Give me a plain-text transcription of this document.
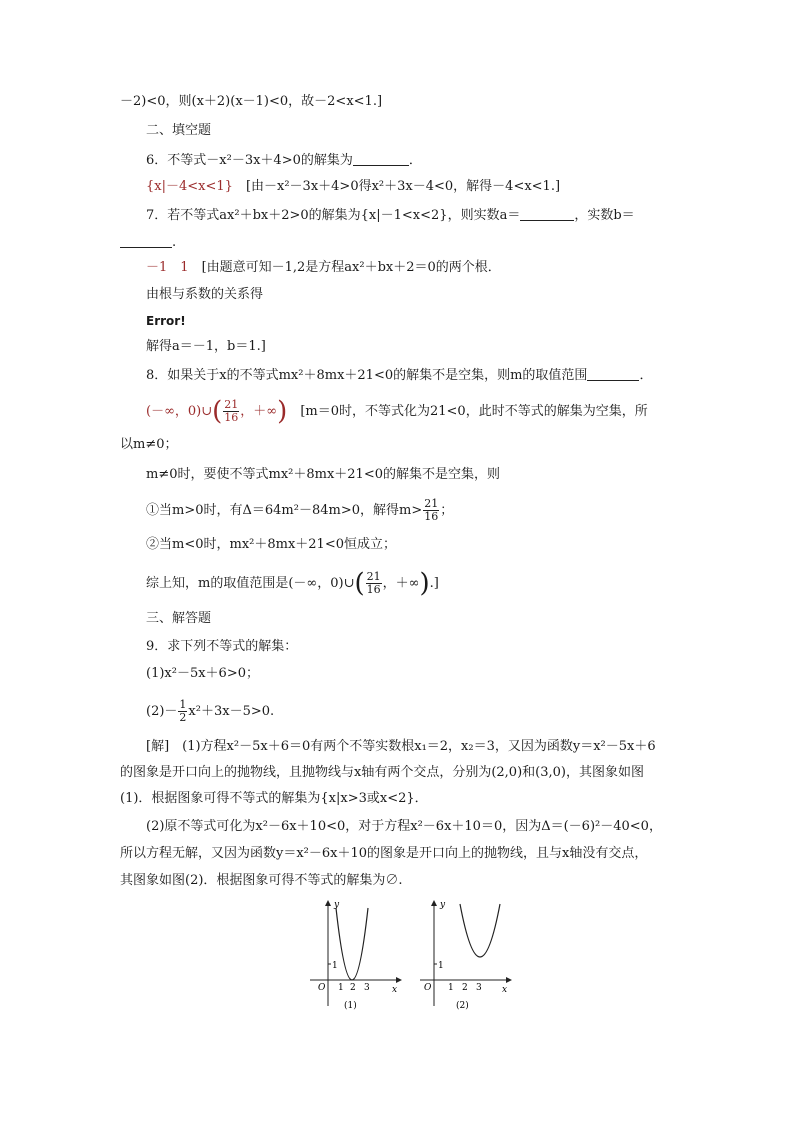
－2)<0，则(x＋2)(x－1)<0，故－2<x<1.]
二、填空题
6．不等式－x²－3x＋4>0的解集为	．
{x|－4<x<1}　 [由－x²－3x＋4>0得x²＋3x－4<0，解得－4<x<1.]
7．若不等式ax²＋bx＋2>0的解集为{x|－1<x<2}，则实数a＝	，实数b＝
.
－1　1　 [由题意可知－1,2是方程ax²＋bx＋2＝0的两个根．
由根与系数的关系得
Error!
解得a＝－1，b＝1.]
8．如果关于x的不等式mx²＋8mx＋21<0的解集不是空集，则m的取值范围	．
(－∞，0)∪( $\frac{21}{16}$ ，＋∞)　 [m＝0时，不等式化为21<0，此时不等式的解集为空集，所
以m≠0；
m≠0时，要使不等式mx²＋8mx＋21<0的解集不是空集，则
①当m>0时，有Δ＝64m²－84m>0，解得$m> \frac{21}{16}$ ；
②当m<0时，mx²＋8mx＋21<0恒成立；
综上知，m的取值范围是(－∞，0)∪( $\frac{21}{16}$ ，＋∞).]
三、解答题
9．求下列不等式的解集：
(1)x²－5x＋6>0；
$(2)- \frac{1}{2} x^2+3x-5>0$.
[解]　(1)方程x²－5x＋6＝0有两个不等实数根x₁＝2，x₂＝3，又因为函数y＝x²－5x＋6
的图象是开口向上的抛物线，且抛物线与x轴有两个交点，分别为(2,0)和(3,0)，其图象如图
(1)．根据图象可得不等式的解集为{x|x>3或x<2}．
(2)原不等式可化为x²－6x＋10<0，对于方程x²－6x＋10＝0，因为Δ＝(－6)²－40<0，
所以方程无解，又因为函数y＝x²－6x＋10的图象是开口向上的抛物线，且与x轴没有交点，
其图象如图(2)．根据图象可得不等式的解集为∅.
1
y
x
O 1 2 3
(1)
1
y
x
O 1 2 3
(2)
